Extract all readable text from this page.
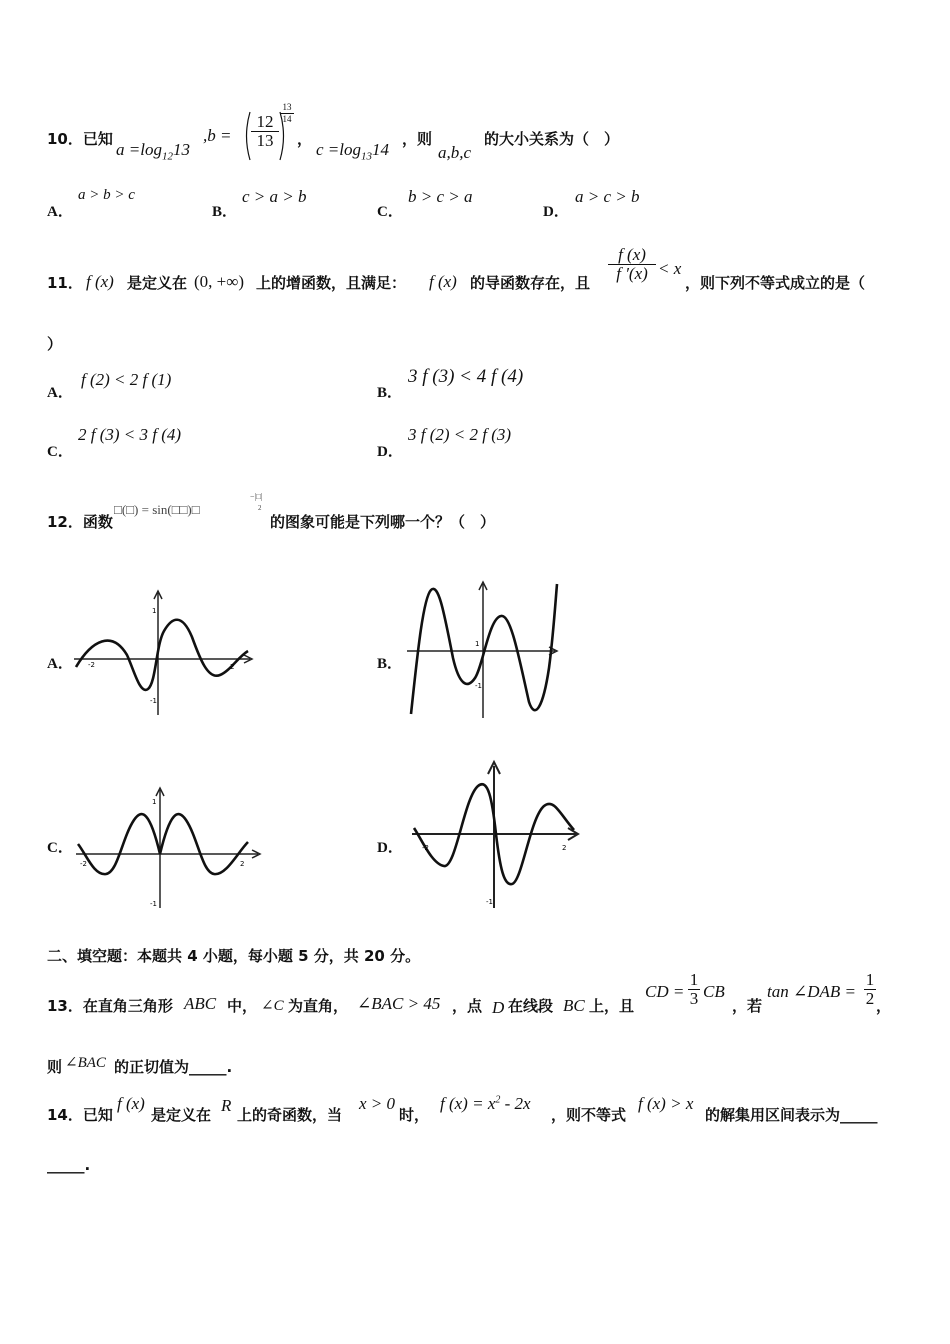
10．已知
$a =\log_{12}13$
$,b = \frac{12}{13} \frac{13}{14}$
，
$c =\log_{13}14$
，则
a,b,c
的大小关系为（　）
A．
a > b > c
B．
c > a > b
C．
b > c > a
D．
a > c > b
11． f (x) 是定义在 (0, +∞) 上的增函数，且满足： f (x) 的导函数存在，且 $\frac{f (x)}{f '(x)} < x$
，则下列不等式成立的是（
）
A．
f (2) < 2 f (1)
B．
3 f (3) < 4 f (4)
C．
2 f (3) < 3 f (4)
D．
3 f (2) < 2 f (3)
12．函数
□(□) = sin(□□)□
−|□|
2
的图象可能是下列哪一个？（　）
A．	B．
C．	D．
-2	2
1
-1
1
-1
-2	2
1
-1
-2	2
-1
二、填空题：本题共 4 小题，每小题 5 分，共 20 分。
13．在直角三角形 ABC 中， ∠C 为直角， ∠BAC > 45 ，点 D 在线段 BC 上，且
CD = $\frac{1}{3}$ CB
，若
tan ∠DAB = $\frac{1}{2}$ ，
则 ∠BAC 的正切值为_____.
14．已知
f (x)
是定义在 R 上的奇函数，当
x > 0
时，
f $(x) = x^2 - 2x$
，则不等式
f (x) > x
的解集用区间表示为_____
_____.
